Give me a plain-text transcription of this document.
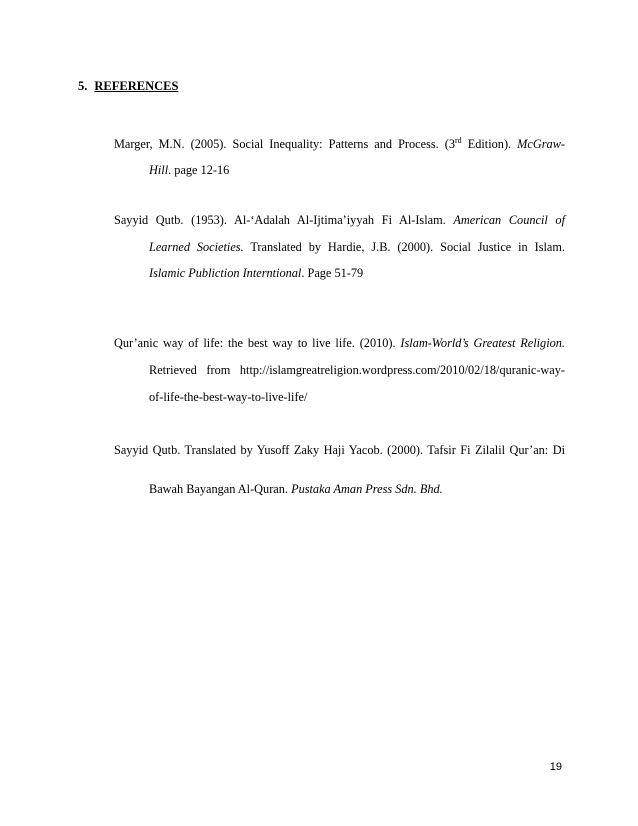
5. REFERENCES
Marger, M.N. (2005). Social Inequality: Patterns and Process. (3rd Edition). McGraw-
Hill. page 12-16
Sayyid Qutb. (1953). Al-‘Adalah Al-Ijtima’iyyah Fi Al-Islam. American Council of
Learned Societies. Translated by Hardie, J.B. (2000). Social Justice in Islam.
Islamic Publiction Interntional. Page 51-79
Qur’anic way of life: the best way to live life. (2010). Islam-World’s Greatest Religion.
Retrieved from http://islamgreatreligion.wordpress.com/2010/02/18/quranic-way-
of-life-the-best-way-to-live-life/
Sayyid Qutb. Translated by Yusoff Zaky Haji Yacob. (2000). Tafsir Fi Zilalil Qur’an: Di
Bawah Bayangan Al-Quran. Pustaka Aman Press Sdn. Bhd.
19
